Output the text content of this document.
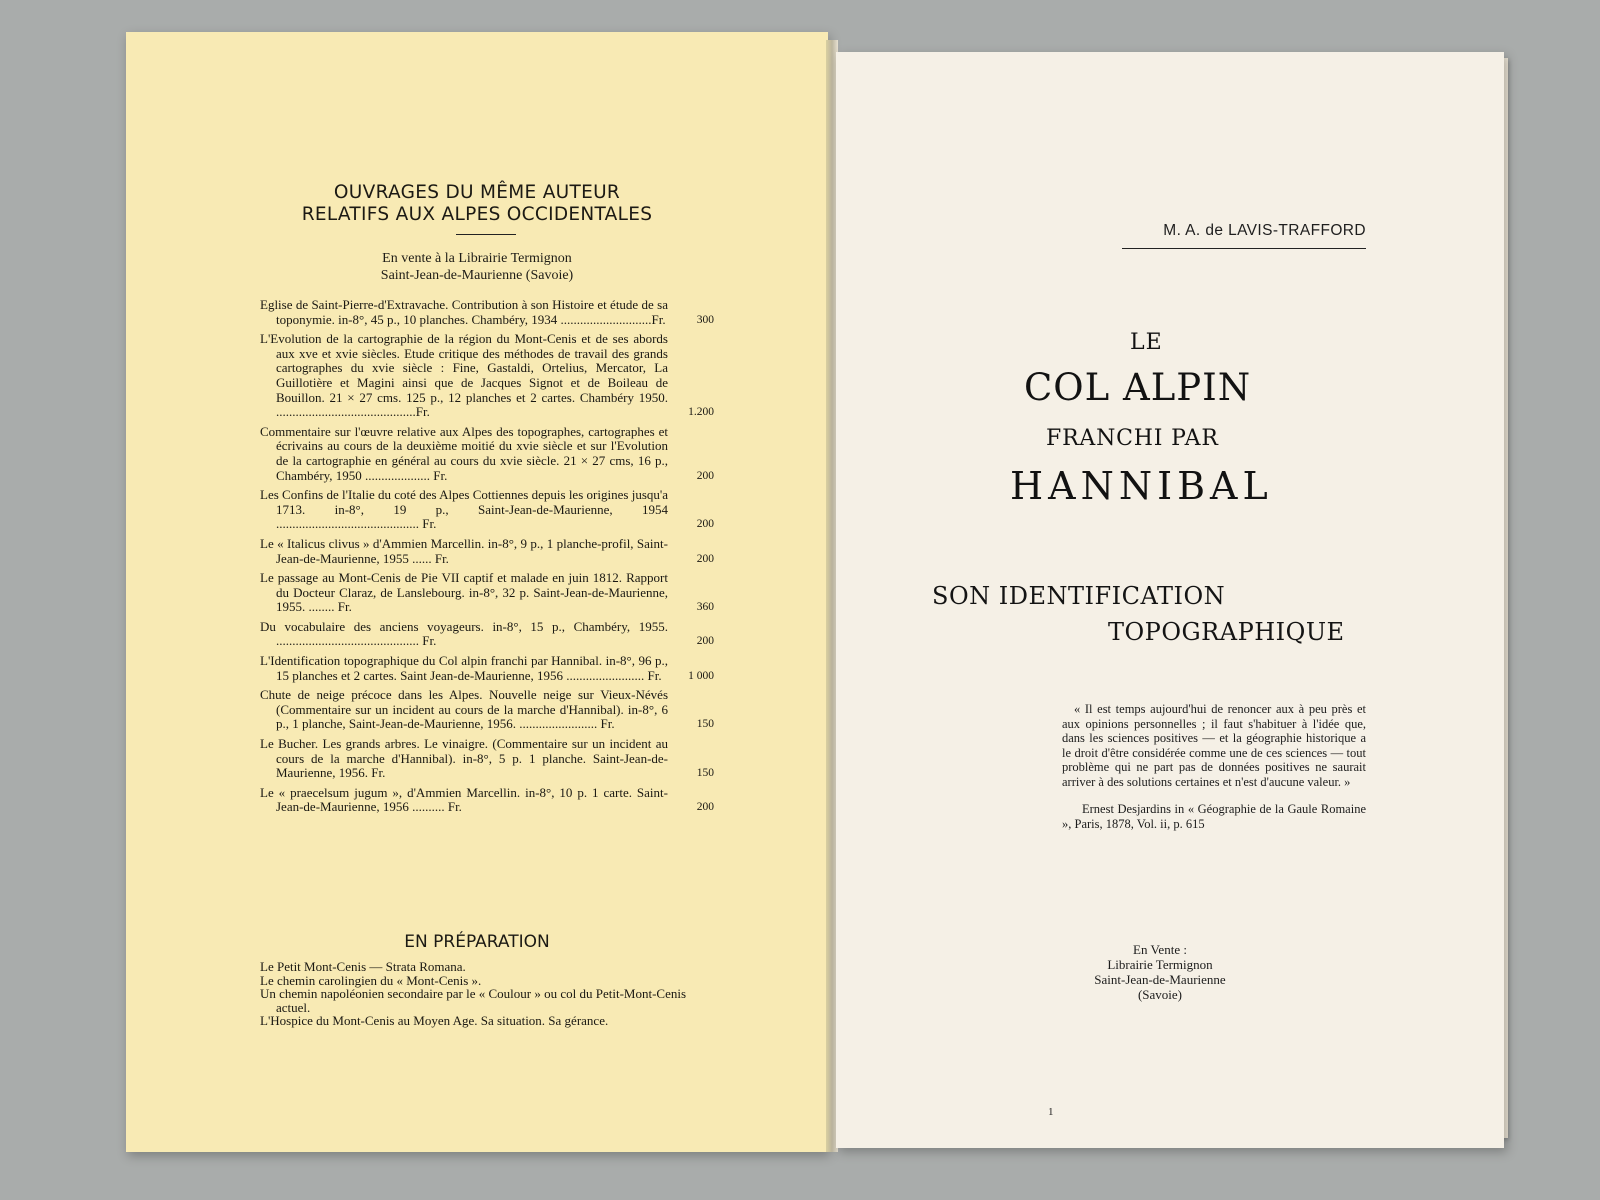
OUVRAGES DU MÊME AUTEUR
RELATIFS AUX ALPES OCCIDENTALES
En vente à la Librairie Termignon
Saint-Jean-de-Maurienne (Savoie)
Eglise de Saint-Pierre-d'Extravache. Contribution à son Histoire et étude de sa toponymie. in-8°, 45 p., 10 planches. Chambéry, 1934 ............................Fr.	300
L'Evolution de la cartographie de la région du Mont-Cenis et de ses abords aux xve et xvie siècles. Etude critique des méthodes de travail des grands cartographes du xvie siècle : Fine, Gastaldi, Ortelius, Mercator, La Guillotière et Magini ainsi que de Jacques Signot et de Boileau de Bouillon. 21 × 27 cms. 125 p., 12 planches et 2 cartes. Chambéry 1950. ...........................................Fr.	1.200
Commentaire sur l'œuvre relative aux Alpes des topographes, cartographes et écrivains au cours de la deuxième moitié du xvie siècle et sur l'Evolution de la cartographie en général au cours du xvie siècle. 21 × 27 cms, 16 p., Chambéry, 1950 .................... Fr.	200
Les Confins de l'Italie du coté des Alpes Cottiennes depuis les origines jusqu'a 1713. in-8°, 19 p., Saint-Jean-de-Maurienne, 1954 ............................................ Fr.	200
Le « Italicus clivus » d'Ammien Marcellin. in-8°, 9 p., 1 planche-profil, Saint-Jean-de-Maurienne, 1955 ...... Fr.	200
Le passage au Mont-Cenis de Pie VII captif et malade en juin 1812. Rapport du Docteur Claraz, de Lanslebourg. in-8°, 32 p. Saint-Jean-de-Maurienne, 1955. ........ Fr.	360
Du vocabulaire des anciens voyageurs. in-8°, 15 p., Chambéry, 1955. ............................................ Fr.	200
L'Identification topographique du Col alpin franchi par Hannibal. in-8°, 96 p., 15 planches et 2 cartes. Saint Jean-de-Maurienne, 1956 ........................ Fr.	1 000
Chute de neige précoce dans les Alpes. Nouvelle neige sur Vieux-Névés (Commentaire sur un incident au cours de la marche d'Hannibal). in-8°, 6 p., 1 planche, Saint-Jean-de-Maurienne, 1956. ........................ Fr.	150
Le Bucher. Les grands arbres. Le vinaigre. (Commentaire sur un incident au cours de la marche d'Hannibal). in-8°, 5 p. 1 planche. Saint-Jean-de-Maurienne, 1956. Fr.	150
Le « praecelsum jugum », d'Ammien Marcellin. in-8°, 10 p. 1 carte. Saint-Jean-de-Maurienne, 1956 .......... Fr.	200
EN PRÉPARATION
Le Petit Mont-Cenis — Strata Romana.
Le chemin carolingien du « Mont-Cenis ».
Un chemin napoléonien secondaire par le « Coulour » ou col du Petit-Mont-Cenis actuel.
L'Hospice du Mont-Cenis au Moyen Age. Sa situation. Sa gérance.
M. A. de LAVIS-TRAFFORD
LE
COL ALPIN
FRANCHI PAR
HANNIBAL
SON IDENTIFICATION
TOPOGRAPHIQUE
« Il est temps aujourd'hui de renoncer aux à peu près et aux opinions personnelles ; il faut s'habituer à l'idée que, dans les sciences positives — et la géographie historique a le droit d'être considérée comme une de ces sciences — tout problème qui ne part pas de données positives ne saurait arriver à des solutions certaines et n'est d'aucune valeur. »
Ernest Desjardins in « Géographie de la Gaule Romaine », Paris, 1878, Vol. ii, p. 615
En Vente :
Librairie Termignon
Saint-Jean-de-Maurienne
(Savoie)
1
